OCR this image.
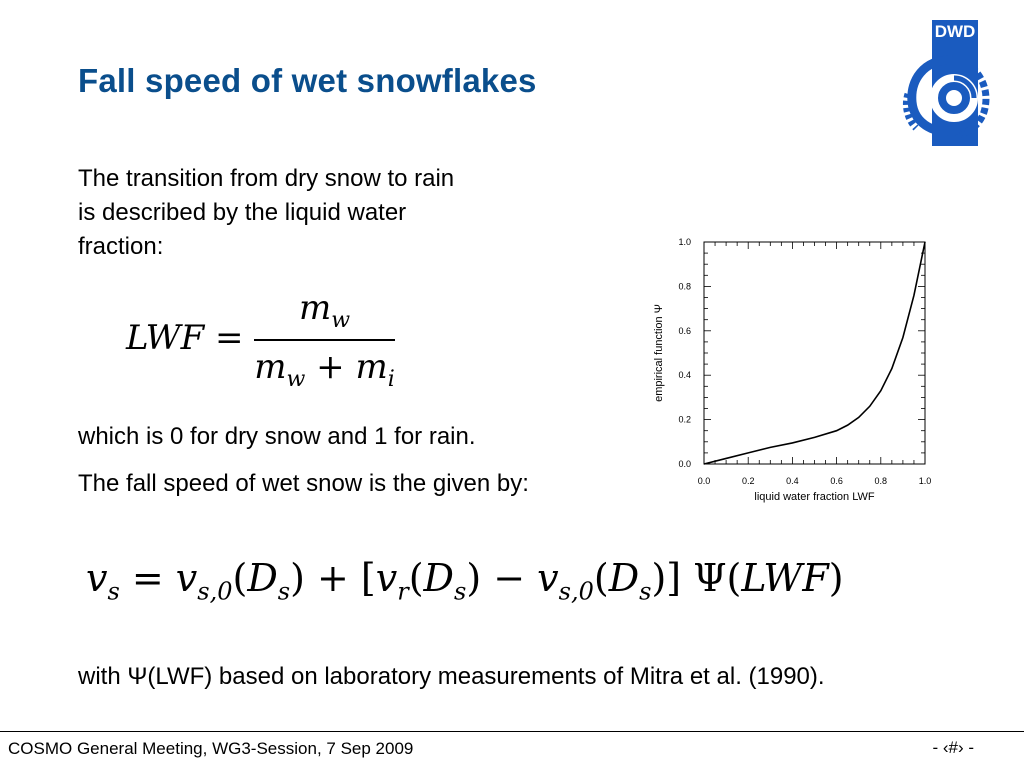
Fall speed of wet snowflakes
DWD
The transition from dry snow to rain is described by the liquid water fraction:
LWF = $\frac{m_w}{m_w + m_i}$
which is 0 for dry snow and 1 for rain.
The fall speed of wet snow is the given by:
$v_s = v_{s,0}(D_s) + [v_r(D_s) - v_{s,0}(D_s)]$ Ψ(LWF)
with Ψ(LWF) based on laboratory measurements of Mitra et al. (1990).
0.0	0.2	0.4	0.6	0.8	1.0
0.0
0.2
0.4
0.6
0.8
1.0
liquid water fraction LWF
empirical function Ψ
COSMO General Meeting, WG3-Session, 7 Sep 2009	- ‹#› -
